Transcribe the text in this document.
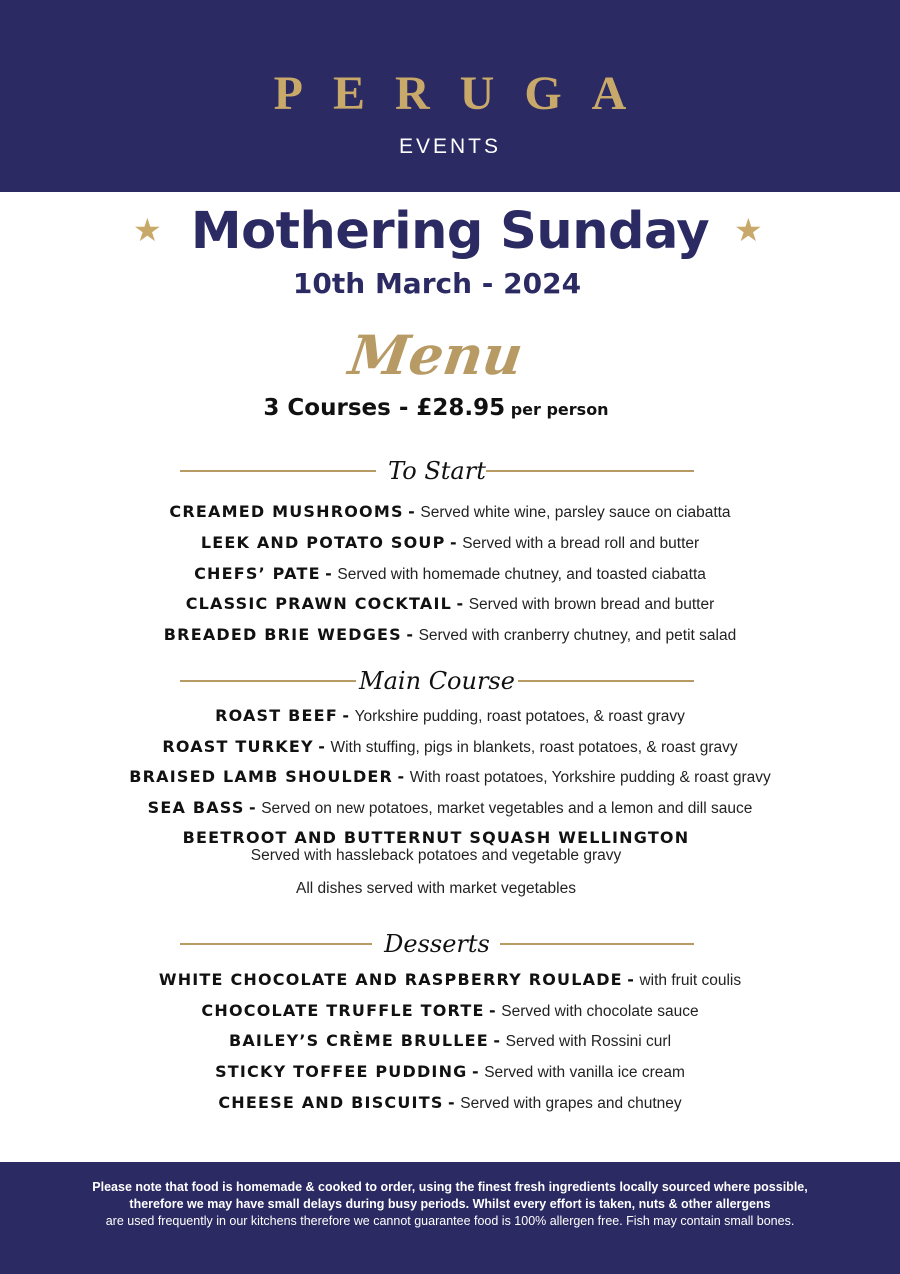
PERUGA
EVENTS
★ Mothering Sunday ★
10th March - 2024
Menu
3 Courses - £28.95 per person
To Start
CREAMED MUSHROOMS - Served white wine, parsley sauce on ciabatta
LEEK AND POTATO SOUP - Served with a bread roll and butter
CHEFS’ PATE - Served with homemade chutney, and toasted ciabatta
CLASSIC PRAWN COCKTAIL - Served with brown bread and butter
BREADED BRIE WEDGES - Served with cranberry chutney, and petit salad
Main Course
ROAST BEEF - Yorkshire pudding, roast potatoes, & roast gravy
ROAST TURKEY - With stuffing, pigs in blankets, roast potatoes, & roast gravy
BRAISED LAMB SHOULDER - With roast potatoes, Yorkshire pudding & roast gravy
SEA BASS - Served on new potatoes, market vegetables and a lemon and dill sauce
BEETROOT AND BUTTERNUT SQUASH WELLINGTON
Served with hassleback potatoes and vegetable gravy
All dishes served with market vegetables
Desserts
WHITE CHOCOLATE AND RASPBERRY ROULADE - with fruit coulis
CHOCOLATE TRUFFLE TORTE - Served with chocolate sauce
BAILEY’S CRÈME BRULLEE - Served with Rossini curl
STICKY TOFFEE PUDDING - Served with vanilla ice cream
CHEESE AND BISCUITS - Served with grapes and chutney

Please note that food is homemade & cooked to order, using the finest fresh ingredients locally sourced where possible,

therefore we may have small delays during busy periods. Whilst every effort is taken, nuts & other allergens

are used frequently in our kitchens therefore we cannot guarantee food is 100% allergen free. Fish may contain small bones.
